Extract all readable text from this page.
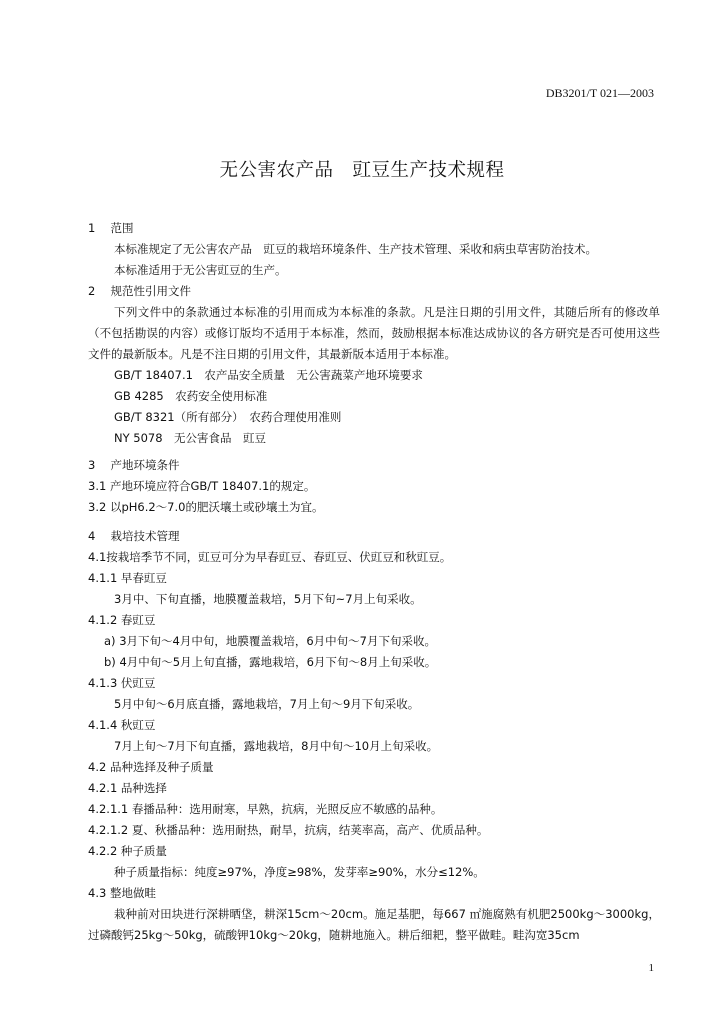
DB3201/T 021—2003
无公害农产品　豇豆生产技术规程
1　 范围
本标准规定了无公害农产品　豇豆的栽培环境条件、生产技术管理、采收和病虫草害防治技术。
本标准适用于无公害豇豆的生产。
2　 规范性引用文件
下列文件中的条款通过本标准的引用而成为本标准的条款。凡是注日期的引用文件，其随后所有的修改单（不包括勘误的内容）或修订版均不适用于本标准，然而，鼓励根据本标准达成协议的各方研究是否可使用这些文件的最新版本。凡是不注日期的引用文件，其最新版本适用于本标准。
GB/T 18407.1　农产品安全质量　无公害蔬菜产地环境要求
GB 4285　农药安全使用标准
GB/T 8321（所有部分）　农药合理使用准则
NY 5078　无公害食品　豇豆
3　 产地环境条件
3.1 产地环境应符合GB/T 18407.1的规定。
3.2 以pH6.2～7.0的肥沃壤土或砂壤土为宜。
4　 栽培技术管理
4.1按栽培季节不同，豇豆可分为早春豇豆、春豇豆、伏豇豆和秋豇豆。
4.1.1 早春豇豆
3月中、下旬直播，地膜覆盖栽培，5月下旬~7月上旬采收。
4.1.2 春豇豆
a) 3月下旬～4月中旬，地膜覆盖栽培，6月中旬～7月下旬采收。
b) 4月中旬～5月上旬直播，露地栽培，6月下旬～8月上旬采收。
4.1.3 伏豇豆
5月中旬～6月底直播，露地栽培，7月上旬～9月下旬采收。
4.1.4 秋豇豆
7月上旬～7月下旬直播，露地栽培，8月中旬～10月上旬采收。
4.2 品种选择及种子质量
4.2.1 品种选择
4.2.1.1 春播品种：选用耐寒，早熟，抗病，光照反应不敏感的品种。
4.2.1.2 夏、秋播品种：选用耐热，耐旱，抗病，结荚率高，高产、优质品种。
4.2.2 种子质量
种子质量指标：纯度≥97%，净度≥98%，发芽率≥90%，水分≤12%。
4.3 整地做畦
栽种前对田块进行深耕晒垡，耕深15cm～20cm。施足基肥，每667 ㎡施腐熟有机肥2500kg～3000kg，过磷酸钙25kg～50kg，硫酸钾10kg～20kg，随耕地施入。耕后细耙，整平做畦。畦沟宽35cm
1
